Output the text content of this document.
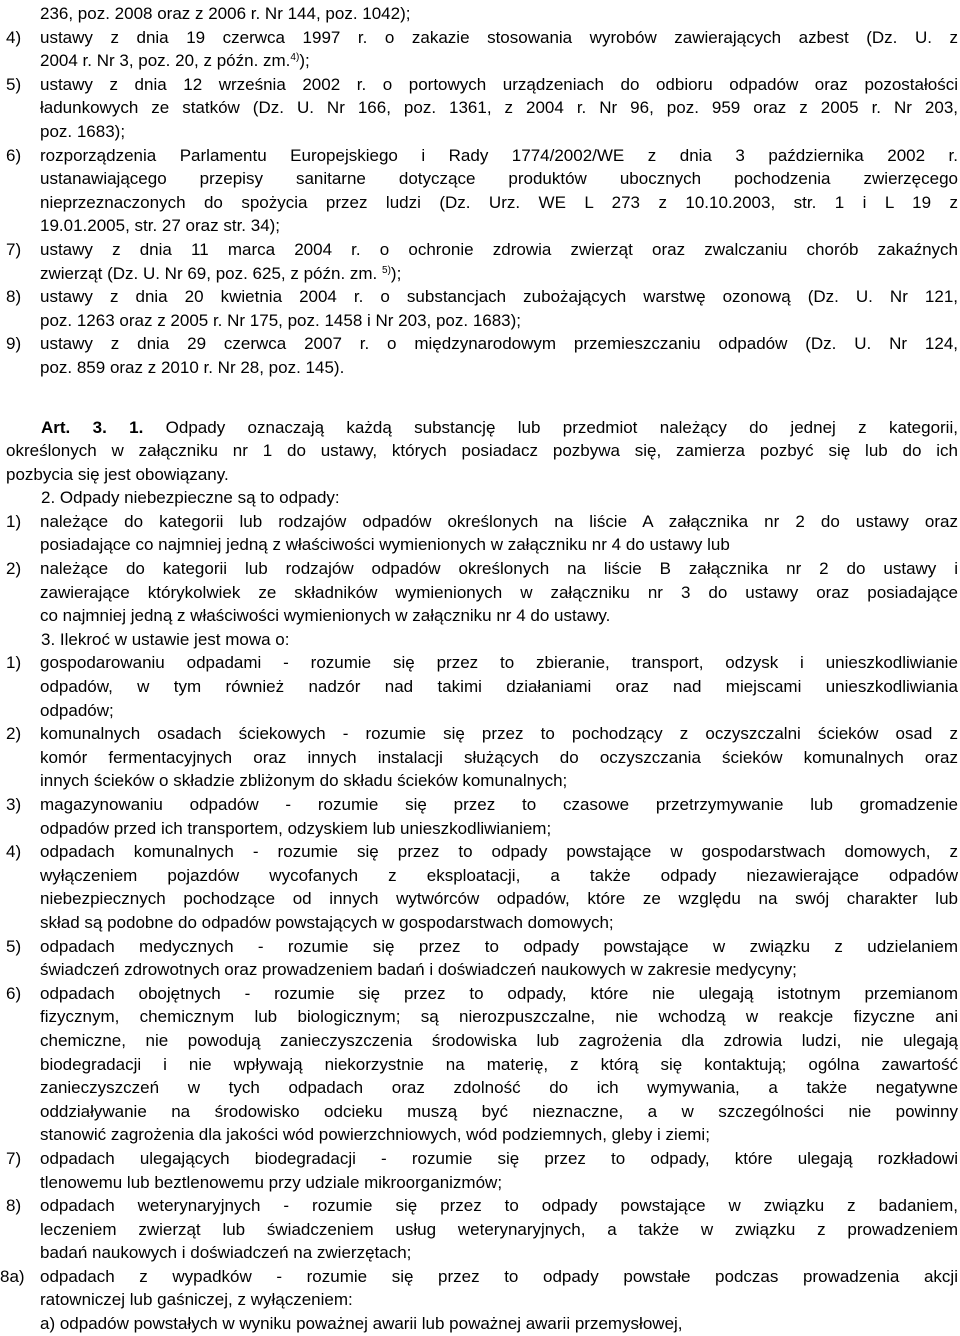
236, poz. 2008 oraz z 2006 r. Nr 144, poz. 1042);

4) ustawy z dnia 19 czerwca 1997 r. o zakazie stosowania wyrobów zawierających azbest (Dz. U. z

2004 r. Nr 3, poz. 20, z późn. zm.$^{4)}$);

5) ustawy z dnia 12 września 2002 r. o portowych urządzeniach do odbioru odpadów oraz pozostałości

ładunkowych ze statków (Dz. U. Nr 166, poz. 1361, z 2004 r. Nr 96, poz. 959 oraz z 2005 r. Nr 203,

poz. 1683);

6) rozporządzenia Parlamentu Europejskiego i Rady 1774/2002/WE z dnia 3 października 2002 r.

ustanawiającego przepisy sanitarne dotyczące produktów ubocznych pochodzenia zwierzęcego

nieprzeznaczonych do spożycia przez ludzi (Dz. Urz. WE L 273 z 10.10.2003, str. 1 i L 19 z

19.01.2005, str. 27 oraz str. 34);

7) ustawy z dnia 11 marca 2004 r. o ochronie zdrowia zwierząt oraz zwalczaniu chorób zakaźnych

zwierząt (Dz. U. Nr 69, poz. 625, z późn. zm. $^{5)}$);

8) ustawy z dnia 20 kwietnia 2004 r. o substancjach zubożających warstwę ozonową (Dz. U. Nr 121,

poz. 1263 oraz z 2005 r. Nr 175, poz. 1458 i Nr 203, poz. 1683);

9) ustawy z dnia 29 czerwca 2007 r. o międzynarodowym przemieszczaniu odpadów (Dz. U. Nr 124,

poz. 859 oraz z 2010 r. Nr 28, poz. 145).

Art. 3. 1. Odpady oznaczają każdą substancję lub przedmiot należący do jednej z kategorii,

określonych w załączniku nr 1 do ustawy, których posiadacz pozbywa się, zamierza pozbyć się lub do ich

pozbycia się jest obowiązany.

2. Odpady niebezpieczne są to odpady:

1) należące do kategorii lub rodzajów odpadów określonych na liście A załącznika nr 2 do ustawy oraz

posiadające co najmniej jedną z właściwości wymienionych w załączniku nr 4 do ustawy lub

2) należące do kategorii lub rodzajów odpadów określonych na liście B załącznika nr 2 do ustawy i

zawierające którykolwiek ze składników wymienionych w załączniku nr 3 do ustawy oraz posiadające

co najmniej jedną z właściwości wymienionych w załączniku nr 4 do ustawy.

3. Ilekroć w ustawie jest mowa o:

1) gospodarowaniu odpadami - rozumie się przez to zbieranie, transport, odzysk i unieszkodliwianie

odpadów, w tym również nadzór nad takimi działaniami oraz nad miejscami unieszkodliwiania

odpadów;

2) komunalnych osadach ściekowych - rozumie się przez to pochodzący z oczyszczalni ścieków osad z

komór fermentacyjnych oraz innych instalacji służących do oczyszczania ścieków komunalnych oraz

innych ścieków o składzie zbliżonym do składu ścieków komunalnych;

3) magazynowaniu odpadów - rozumie się przez to czasowe przetrzymywanie lub gromadzenie

odpadów przed ich transportem, odzyskiem lub unieszkodliwianiem;

4) odpadach komunalnych - rozumie się przez to odpady powstające w gospodarstwach domowych, z

wyłączeniem pojazdów wycofanych z eksploatacji, a także odpady niezawierające odpadów

niebezpiecznych pochodzące od innych wytwórców odpadów, które ze względu na swój charakter lub

skład są podobne do odpadów powstających w gospodarstwach domowych;

5) odpadach medycznych - rozumie się przez to odpady powstające w związku z udzielaniem

świadczeń zdrowotnych oraz prowadzeniem badań i doświadczeń naukowych w zakresie medycyny;

6) odpadach obojętnych - rozumie się przez to odpady, które nie ulegają istotnym przemianom

fizycznym, chemicznym lub biologicznym; są nierozpuszczalne, nie wchodzą w reakcje fizyczne ani

chemiczne, nie powodują zanieczyszczenia środowiska lub zagrożenia dla zdrowia ludzi, nie ulegają

biodegradacji i nie wpływają niekorzystnie na materię, z którą się kontaktują; ogólna zawartość

zanieczyszczeń w tych odpadach oraz zdolność do ich wymywania, a także negatywne

oddziaływanie na środowisko odcieku muszą być nieznaczne, a w szczególności nie powinny

stanowić zagrożenia dla jakości wód powierzchniowych, wód podziemnych, gleby i ziemi;

7) odpadach ulegających biodegradacji - rozumie się przez to odpady, które ulegają rozkładowi

tlenowemu lub beztlenowemu przy udziale mikroorganizmów;

8) odpadach weterynaryjnych - rozumie się przez to odpady powstające w związku z badaniem,

leczeniem zwierząt lub świadczeniem usług weterynaryjnych, a także w związku z prowadzeniem

badań naukowych i doświadczeń na zwierzętach;

8a) odpadach z wypadków - rozumie się przez to odpady powstałe podczas prowadzenia akcji

ratowniczej lub gaśniczej, z wyłączeniem:

a) odpadów powstałych w wyniku poważnej awarii lub poważnej awarii przemysłowej,
